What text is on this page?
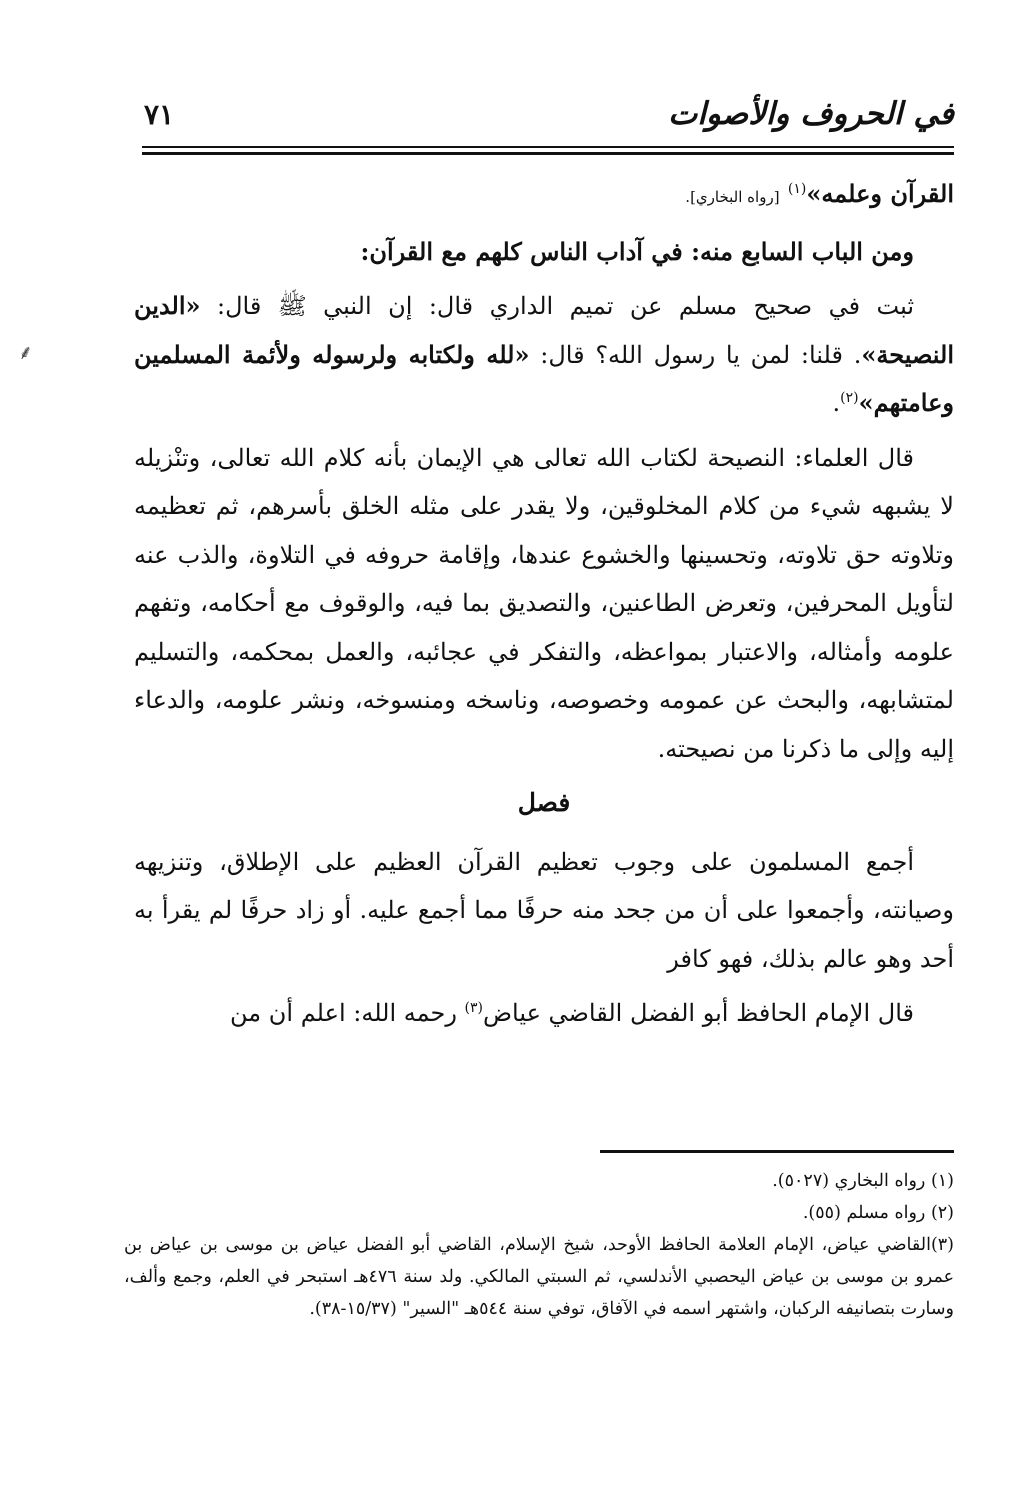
في الحروف والأصوات
٧١
⸙

القرآن وعلمه»$^{(١)}$ [رواه البخاري].

ومن الباب السابع منه: في آداب الناس كلهم مع القرآن:

ثبت في صحيح مسلم عن تميم الداري قال: إن النبي ﷺ قال: «الدين النصيحة». قلنا: لمن يا رسول الله؟ قال: «لله ولكتابه ولرسوله ولأئمة المسلمين وعامتهم»$^{(٢)}$.

قال العلماء: النصيحة لكتاب الله تعالى هي الإيمان بأنه كلام الله تعالى، وتنْزيله لا يشبهه شيء من كلام المخلوقين، ولا يقدر على مثله الخلق بأسرهم، ثم تعظيمه وتلاوته حق تلاوته، وتحسينها والخشوع عندها، وإقامة حروفه في التلاوة، والذب عنه لتأويل المحرفين، وتعرض الطاعنين، والتصديق بما فيه، والوقوف مع أحكامه، وتفهم علومه وأمثاله، والاعتبار بمواعظه، والتفكر في عجائبه، والعمل بمحكمه، والتسليم لمتشابهه، والبحث عن عمومه وخصوصه، وناسخه ومنسوخه، ونشر علومه، والدعاء إليه وإلى ما ذكرنا من نصيحته.

فصل

أجمع المسلمون على وجوب تعظيم القرآن العظيم على الإطلاق، وتنزيهه وصيانته، وأجمعوا على أن من جحد منه حرفًا مما أجمع عليه. أو زاد حرفًا لم يقرأ به أحد وهو عالم بذلك، فهو كافر

قال الإمام الحافظ أبو الفضل القاضي عياض$^{(٣)}$ رحمه الله: اعلم أن من

(١) رواه البخاري (٥٠٢٧).

(٢) رواه مسلم (٥٥).

(٣)القاضي عياض، الإمام العلامة الحافظ الأوحد، شيخ الإسلام، القاضي أبو الفضل عياض بن موسى بن عياض بن عمرو بن موسى بن عياض اليحصبي الأندلسي، ثم السبتي المالكي. ولد سنة ٤٧٦هـ استبحر في العلم، وجمع وألف، وسارت بتصانيفه الركبان، واشتهر اسمه في الآفاق، توفي سنة ٥٤٤هـ "السير" (١٥/٣٧-٣٨).
